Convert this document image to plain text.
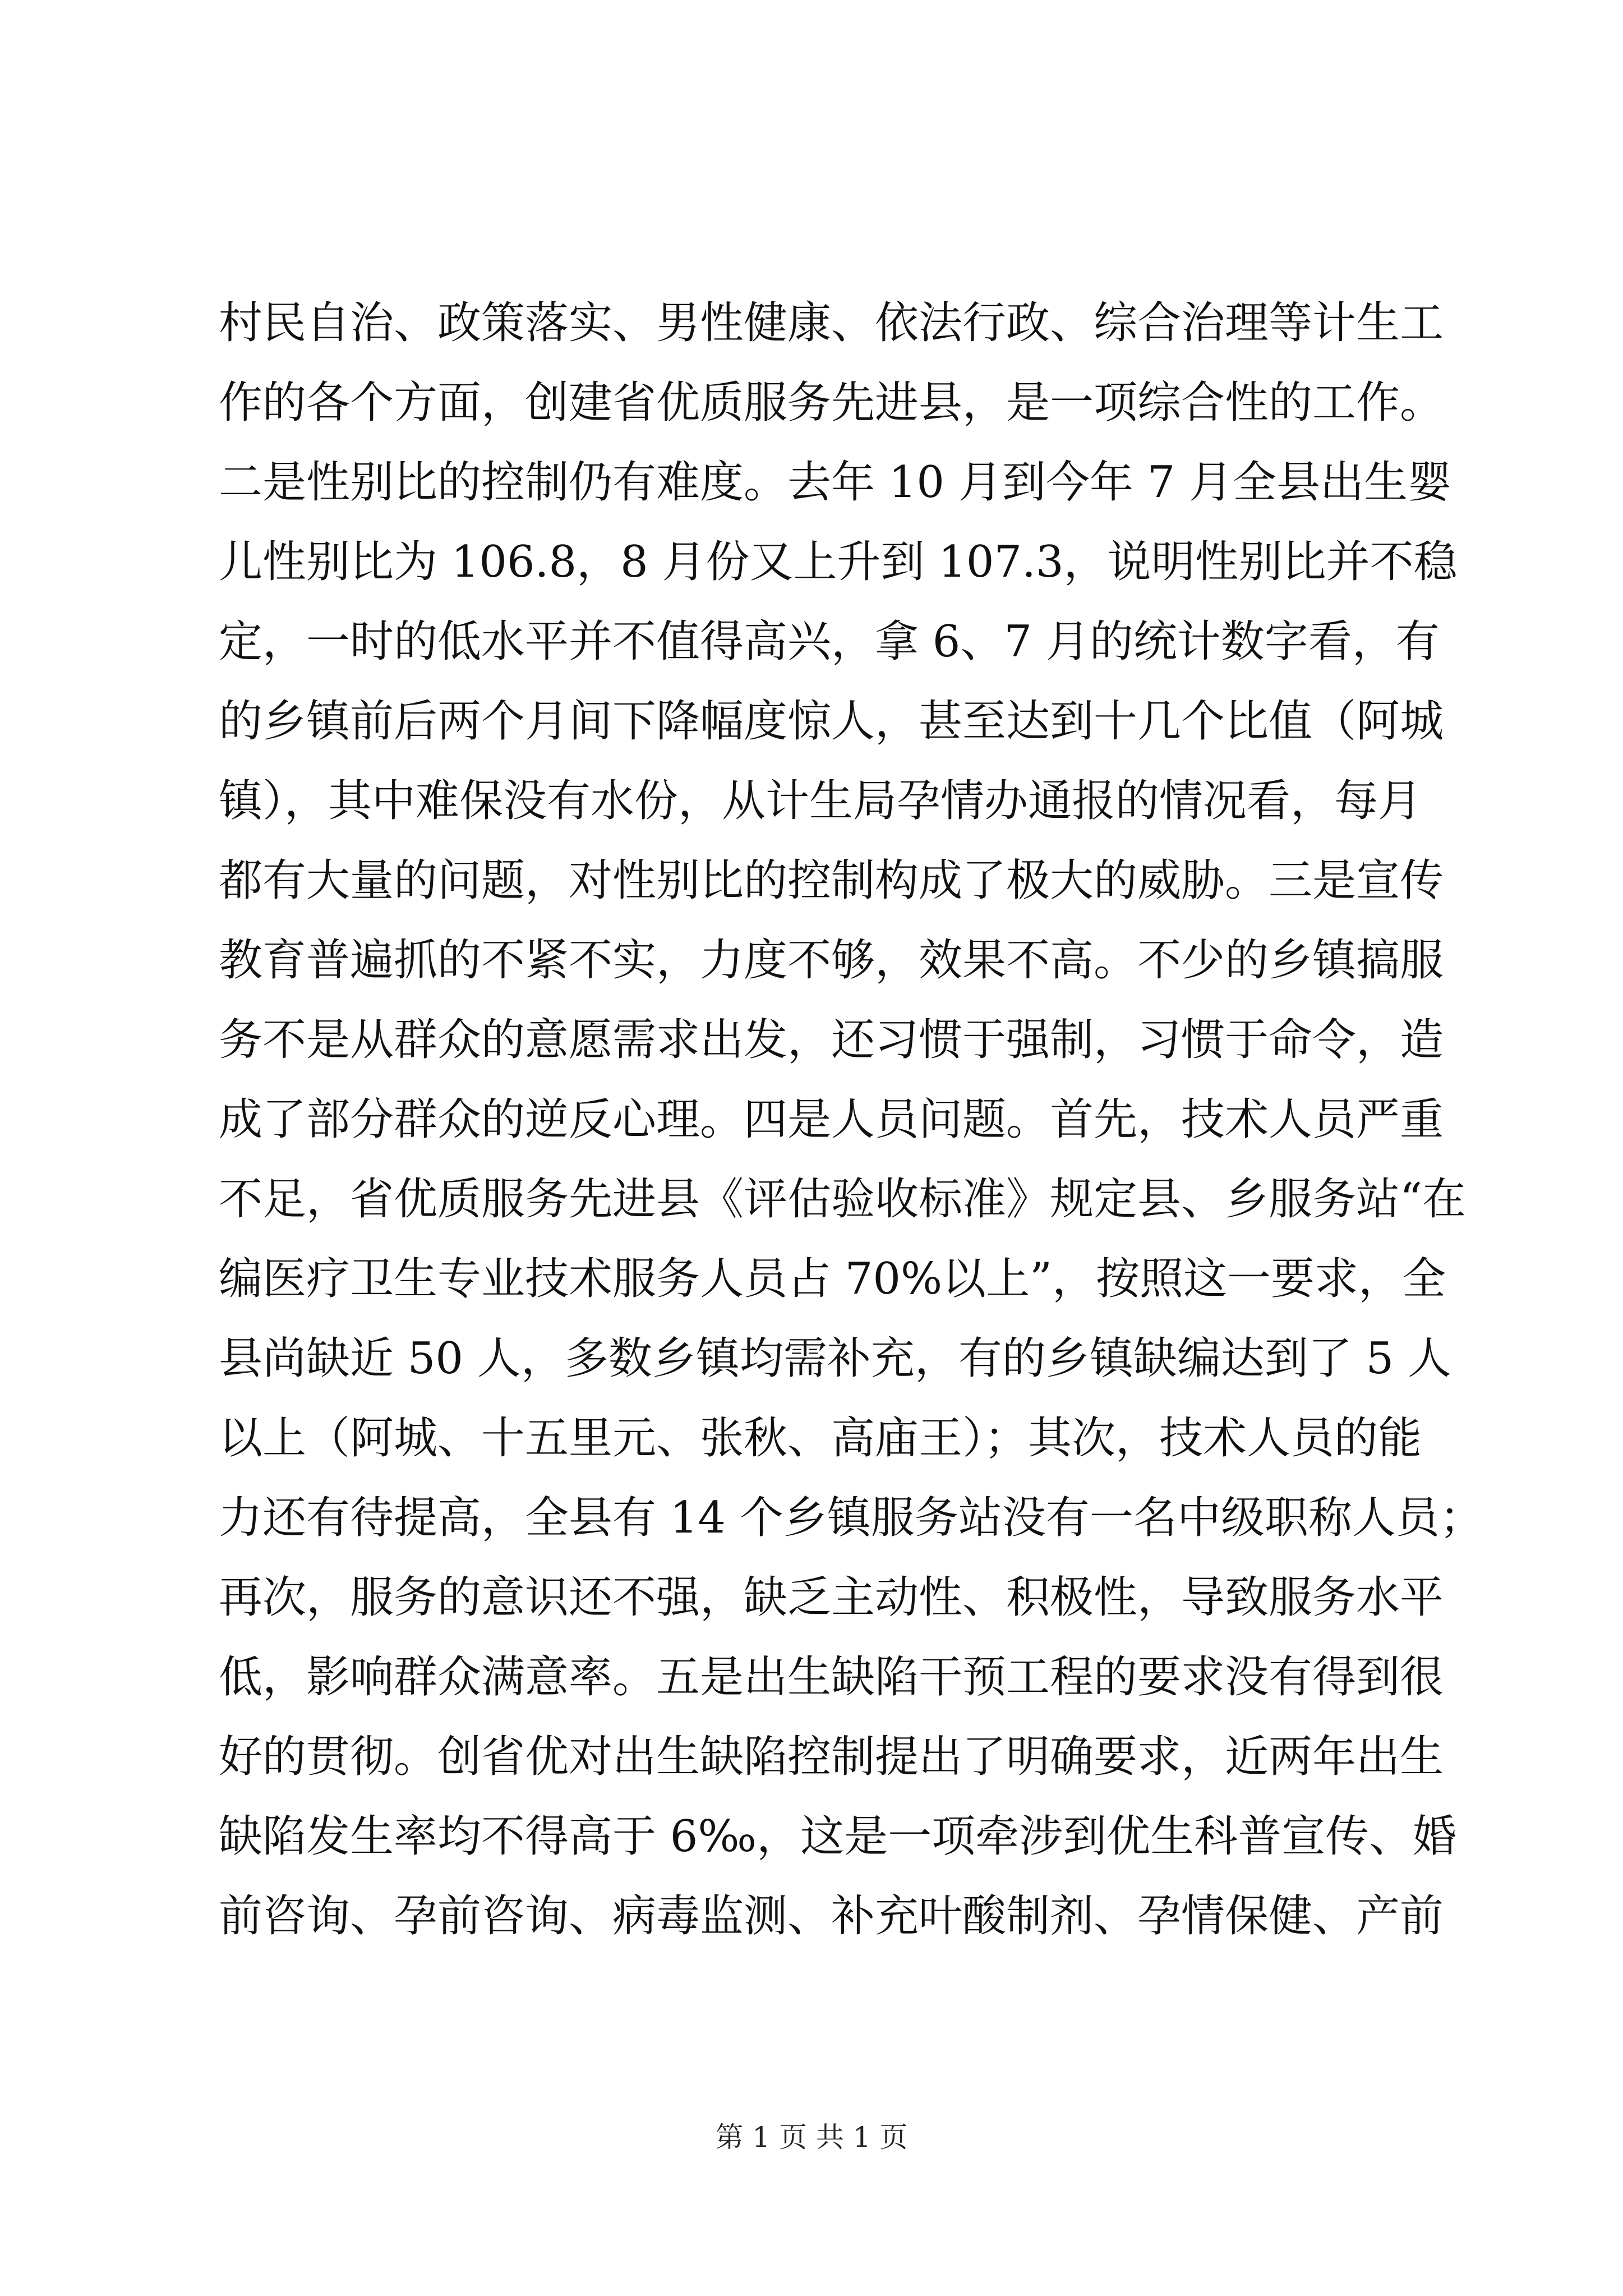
村民自治、政策落实、男性健康、依法行政、综合治理等计生工
作的各个方面，创建省优质服务先进县，是一项综合性的工作。
二是性别比的控制仍有难度。去年 10 月到今年 7 月全县出生婴
儿性别比为 106.8，8 月份又上升到 107.3，说明性别比并不稳
定，一时的低水平并不值得高兴，拿 6、7 月的统计数字看，有
的乡镇前后两个月间下降幅度惊人，甚至达到十几个比值（阿城
镇），其中难保没有水份，从计生局孕情办通报的情况看，每月
都有大量的问题，对性别比的控制构成了极大的威胁。三是宣传
教育普遍抓的不紧不实，力度不够，效果不高。不少的乡镇搞服
务不是从群众的意愿需求出发，还习惯于强制，习惯于命令，造
成了部分群众的逆反心理。四是人员问题。首先，技术人员严重
不足，省优质服务先进县《评估验收标准》规定县、乡服务站“在
编医疗卫生专业技术服务人员占 70%以上”，按照这一要求，全
县尚缺近 50 人，多数乡镇均需补充，有的乡镇缺编达到了 5 人
以上（阿城、十五里元、张秋、高庙王）；其次，技术人员的能
力还有待提高，全县有 14 个乡镇服务站没有一名中级职称人员；
再次，服务的意识还不强，缺乏主动性、积极性，导致服务水平
低，影响群众满意率。五是出生缺陷干预工程的要求没有得到很
好的贯彻。创省优对出生缺陷控制提出了明确要求，近两年出生
缺陷发生率均不得高于 6‰，这是一项牵涉到优生科普宣传、婚
前咨询、孕前咨询、病毒监测、补充叶酸制剂、孕情保健、产前
第 1 页 共 1 页
